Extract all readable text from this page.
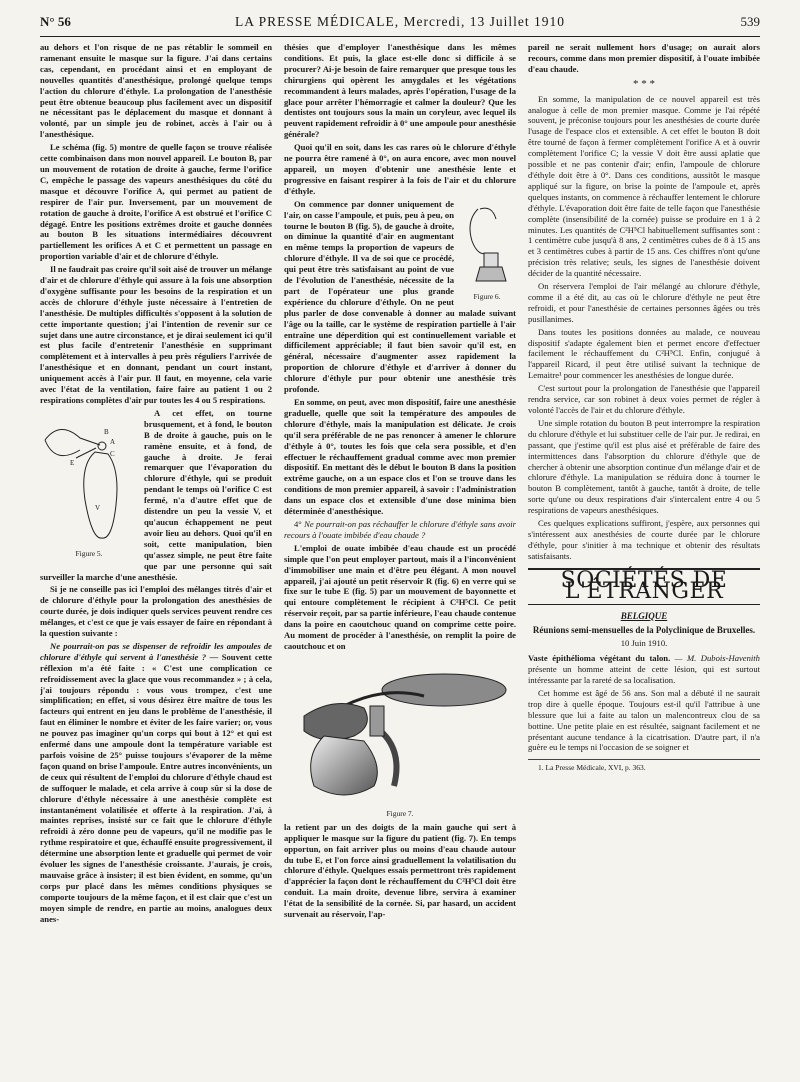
N° 56	LA PRESSE MÉDICALE, Mercredi, 13 Juillet 1910	539

au dehors et l'on risque de ne pas rétablir le sommeil en ramenant ensuite le masque sur la figure. J'ai dans certains cas, cependant, en procédant ainsi et en employant de nouvelles quantités d'anesthésique, prolongé quelque temps l'action du chlorure d'éthyle. La prolongation de l'anesthésie peut être obtenue beaucoup plus facilement avec un dispositif ne nécessitant pas le déplacement du masque et donnant à volonté, par un simple jeu de robinet, accès à l'air ou à l'anesthésique.

Le schéma (fig. 5) montre de quelle façon se trouve réalisée cette combinaison dans mon nouvel appareil. Le bouton B, par un mouvement de rotation de droite à gauche, ferme l'orifice C, empêche le passage des vapeurs anesthésiques du côté du masque et découvre l'orifice A, qui permet au patient de respirer de l'air pur. Inversement, par un mouvement de rotation de gauche à droite, l'orifice A est obstrué et l'orifice C dégagé. Entre les positions extrêmes droite et gauche données au bouton B les situations intermédiaires découvrent partiellement les orifices A et C et permettent un passage en proportion variable d'air et de chlorure d'éthyle.

Il ne faudrait pas croire qu'il soit aisé de trouver un mélange d'air et de chlorure d'éthyle qui assure à la fois une absorption d'oxygène suffisante pour les besoins de la respiration et un accès de chlorure d'éthyle juste nécessaire à l'entretien de l'anesthésie. De multiples difficultés s'opposent à la solution de cette importante question; j'ai l'intention de revenir sur ce sujet dans une autre circonstance, et je dirai seulement ici qu'il est plus facile d'entretenir l'anesthésie en supprimant complètement et à intervalles à peu près réguliers l'arrivée de l'anesthésique et en donnant, pendant un court instant, uniquement accès à l'air pur. Il faut, en moyenne, cela varie avec l'état de la ventilation, faire faire au patient 1 ou 2 respirations complètes d'air pur toutes les 4 ou 5 respirations.

B
A
C
E
V
Figure 5.

A cet effet, on tourne brusquement, et à fond, le bouton B de droite à gauche, puis on le ramène ensuite, et à fond, de gauche à droite. Je ferai remarquer que l'évaporation du chlorure d'éthyle, qui se produit pendant le temps où l'orifice C est fermé, n'a d'autre effet que de distendre un peu la vessie V, et qu'aucun échappement ne peut avoir lieu au dehors. Quoi qu'il en soit, cette manipulation, bien qu'assez simple, ne peut être faite que par une personne qui sait surveiller la marche d'une anesthésie.

Si je ne conseille pas ici l'emploi des mélanges titrés d'air et de chlorure d'éthyle pour la prolongation des anesthésies de courte durée, je dois indiquer quels services peuvent rendre ces mélanges, et c'est ce que je vais essayer de faire en répondant à la question suivante :

Ne pourrait-on pas se dispenser de refroidir les ampoules de chlorure d'éthyle qui servent à l'anesthésie ? — Souvent cette réflexion m'a été faite : « C'est une complication ce refroidissement avec la glace que vous recommandez » ; à cela, j'ai toujours répondu : vous vous trompez, c'est une simplification; en effet, si vous désirez être maître de tous les facteurs qui entrent en jeu dans le problème de l'anesthésie, il faut en éliminer le nombre et éviter de les faire varier; or, vous ne pouvez pas imaginer qu'un corps qui bout à 12° et qui est enfermé dans une ampoule dont la température variable est parfois voisine de 25° puisse toujours s'évaporer de la même façon quand on brise l'ampoule. Entre autres inconvénients, un de ceux qui résultent de l'emploi du chlorure d'éthyle chaud est de suffoquer le malade, et cela arrive à coup sûr si la dose de chlorure d'éthyle nécessaire à une anesthésie complète est instantanément volatilisée et offerte à la respiration. J'ai, à maintes reprises, insisté sur ce fait que le chlorure d'éthyle refroidi à zéro donne peu de vapeurs, qu'il ne modifie pas le rythme respiratoire et que, échauffé ensuite progressivement, il détermine une absorption lente et graduelle qui permet de voir évoluer les signes de l'anesthésie croissante. J'aurais, je crois, mauvaise grâce à insister; il est bien évident, en somme, qu'un corps pur placé dans les mêmes conditions physiques se comporte toujours de la même façon, et il est clair que c'est un moyen simple de rendre, en partie au moins, analogues deux anes-

thésies que d'employer l'anesthésique dans les mêmes conditions. Et puis, la glace est-elle donc si difficile à se procurer? Ai-je besoin de faire remarquer que presque tous les chirurgiens qui opèrent les amygdales et les végétations recommandent à leurs malades, après l'opération, l'usage de la glace pour arrêter l'hémorragie et calmer la douleur? Que les dentistes ont toujours sous la main un coryleur, avec lequel ils peuvent rapidement refroidir à 0° une ampoule pour anesthésie générale?

Quoi qu'il en soit, dans les cas rares où le chlorure d'éthyle ne pourra être ramené à 0°, on aura encore, avec mon nouvel appareil, un moyen d'obtenir une anesthésie lente et progressive en faisant respirer à la fois de l'air et du chlorure d'éthyle.

Figure 6.

On commence par donner uniquement de l'air, on casse l'ampoule, et puis, peu à peu, on tourne le bouton B (fig. 5), de gauche à droite, on diminue la quantité d'air en augmentant en même temps la proportion de vapeurs de chlorure d'éthyle. Il va de soi que ce procédé, qui peut être très satisfaisant au point de vue de l'évolution de l'anesthésie, nécessite de la part de l'opérateur une plus grande expérience du chlorure d'éthyle. On ne peut plus parler de dose convenable à donner au malade suivant l'âge ou la taille, car le système de respiration partielle à l'air entraîne une déperdition qui est continuellement variable et difficilement appréciable; il faut bien savoir qu'il est, en général, nécessaire d'augmenter assez rapidement la proportion de chlorure d'éthyle et d'arriver à donner du chlorure d'éthyle pur pour obtenir une anesthésie très profonde.

En somme, on peut, avec mon dispositif, faire une anesthésie graduelle, quelle que soit la température des ampoules de chlorure d'éthyle, mais la manipulation est délicate. Je crois qu'il sera préférable de ne pas renoncer à amener le chlorure d'éthyle à 0°, toutes les fois que cela sera possible, et d'en effectuer le réchauffement gradual comme avec mon premier dispositif. En mettant dès le début le bouton B dans la position extrême gauche, on a un espace clos et l'on se trouve dans les conditions de mon premier appareil, à savoir : l'administration dans un espace clos et extensible d'une dose minima bien déterminée d'anesthésique.

4° Ne pourrait-on pas réchauffer le chlorure d'éthyle sans avoir recours à l'ouate imbibée d'eau chaude ?

L'emploi de ouate imbibée d'eau chaude est un procédé simple que l'on peut employer partout, mais il a l'inconvénient d'immobiliser une main et d'être peu élégant. A mon nouvel appareil, j'ai ajouté un petit réservoir R (fig. 6) en verre qui se fixe sur le tube E (fig. 5) par un mouvement de bayonnette et qui entoure complètement le récipient à C²H⁵Cl. Ce petit réservoir reçoit, par sa partie inférieure, l'eau chaude contenue dans la poire en caoutchouc quand on comprime cette poire. Au moment de procéder à l'anesthésie, on remplit la poire de caoutchouc et on

Figure 7.

la retient par un des doigts de la main gauche qui sert à appliquer le masque sur la figure du patient (fig. 7). En temps opportun, on fait arriver plus ou moins d'eau chaude autour du tube E, et l'on force ainsi graduellement la volatilisation du chlorure d'éthyle. Quelques essais permettront très rapidement d'apprécier la façon dont le réchauffement du C²H⁵Cl doit être conduit. La main droite, devenue libre, servira à examiner l'état de la sensibilité de la cornée. Si, par hasard, un accident survenait au réservoir, l'ap-

pareil ne serait nullement hors d'usage; on aurait alors recours, comme dans mon premier dispositif, à l'ouate imbibée d'eau chaude.

* * *

En somme, la manipulation de ce nouvel appareil est très analogue à celle de mon premier masque. Comme je l'ai répété souvent, je préconise toujours pour les anesthésies de courte durée l'usage de l'espace clos et extensible. A cet effet le bouton B doit être tourné de façon à fermer complètement l'orifice A et à ouvrir complètement l'orifice C; la vessie V doit être aussi aplatie que possible et ne pas contenir d'air; enfin, l'ampoule de chlorure d'éthyle doit être à 0°. Dans ces conditions, aussitôt le masque appliqué sur la figure, on brise la pointe de l'ampoule et, après quelques instants, on commence à réchauffer lentement le chlorure d'éthyle. L'évaporation doit être faite de telle façon que l'anesthésie complète (insensibilité de la cornée) puisse se produire en 1 à 2 minutes. Les quantités de C²H⁵Cl habituellement suffisantes sont : 1 centimètre cube jusqu'à 8 ans, 2 centimètres cubes de 8 à 15 ans et 3 centimètres cubes à partir de 15 ans. Ces chiffres n'ont qu'une précision très relative; seuls, les signes de l'anesthésie doivent décider de la quantité nécessaire.

On réservera l'emploi de l'air mélangé au chlorure d'éthyle, comme il a été dit, au cas où le chlorure d'éthyle ne peut être refroidi, et pour l'anesthésie de certaines personnes âgées ou très pusillanimes.

Dans toutes les positions données au malade, ce nouveau dispositif s'adapte également bien et permet encore d'effectuer facilement le réchauffement du C²H⁵Cl. Enfin, conjugué à l'appareil Ricard, il peut être utilisé suivant la technique de Lemaitre¹ pour commencer les anesthésies de longue durée.

C'est surtout pour la prolongation de l'anesthésie que l'appareil rendra service, car son robinet à deux voies permet de régler à volonté l'accès de l'air et du chlorure d'éthyle.

Une simple rotation du bouton B peut interrompre la respiration du chlorure d'éthyle et lui substituer celle de l'air pur. Je redirai, en passant, que j'estime qu'il est plus aisé et préférable de faire des intermittences dans l'absorption du chlorure d'éthyle que de chercher à obtenir une absorption continue d'un mélange d'air et de chlorure d'éthyle. La manipulation se réduira donc à tourner le bouton B complètement, tantôt à gauche, tantôt à droite, de telle sorte qu'une ou deux respirations d'air s'intercalent entre 4 ou 5 respirations de vapeurs anesthésiques.

Ces quelques explications suffiront, j'espère, aux personnes qui s'intéressent aux anesthésies de courte durée par le chlorure d'éthyle, pour s'initier à ma technique et obtenir des résultats satisfaisants.

SOCIÉTÉS DE L'ÉTRANGER
BELGIQUE
Réunions semi-mensuelles de la Polyclinique de Bruxelles.
10 Juin 1910.

Vaste épithélioma végétant du talon. — M. Dubois-Havenith présente un homme atteint de cette lésion, qui est surtout intéressante par la rareté de sa localisation.

Cet homme est âgé de 56 ans. Son mal a débuté il ne saurait trop dire à quelle époque. Toujours est-il qu'il l'attribue à une blessure que lui a faite au talon un malencontreux clou de sa bottine. Une petite plaie en est résultée, saignant facilement et ne présentant aucune tendance à la cicatrisation. D'autre part, il n'a guère eu le temps ni l'occasion de se soigner et

1. La Presse Médicale, XVI, p. 363.
